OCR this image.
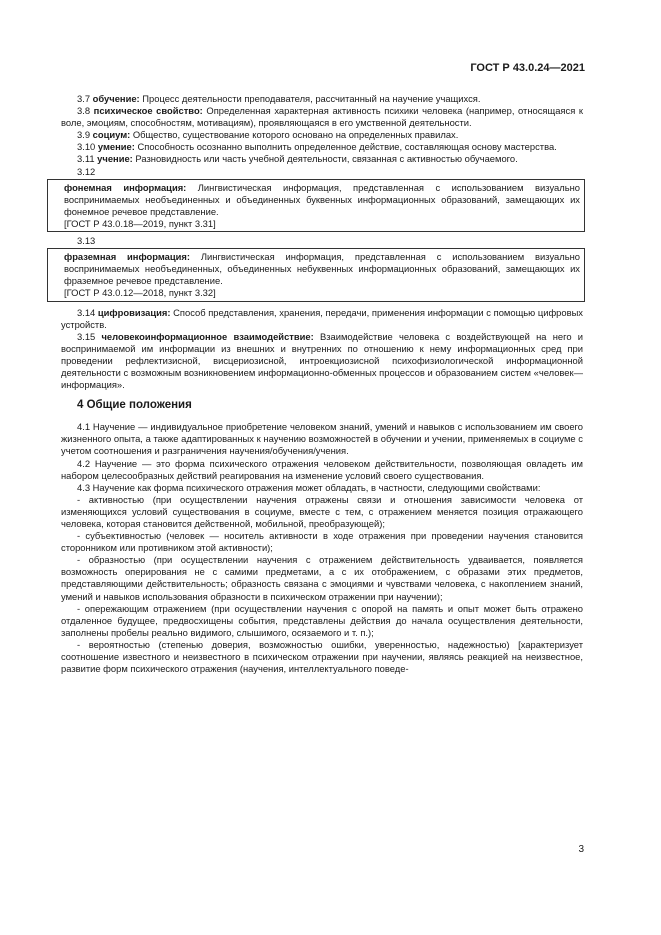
ГОСТ Р 43.0.24—2021

3.7 обучение: Процесс деятельности преподавателя, рассчитанный на научение учащихся.

3.8 психическое свойство: Определенная характерная активность психики человека (например, относящаяся к воле, эмоциям, способностям, мотивациям), проявляющаяся в его умственной деятельности.

3.9 социум: Общество, существование которого основано на определенных правилах.

3.10 умение: Способность осознанно выполнить определенное действие, составляющая основу мастерства.

3.11 учение: Разновидность или часть учебной деятельности, связанная с активностью обучаемого.

3.12

фонемная информация: Лингвистическая информация, представленная с использованием визуально воспринимаемых необъединенных и объединенных буквенных информационных образований, замещающих их фонемное речевое представление.

[ГОСТ Р 43.0.18—2019, пункт 3.31]

3.13

фраземная информация: Лингвистическая информация, представленная с использованием визуально воспринимаемых необъединенных, объединенных небуквенных информационных образований, замещающих их фраземное речевое представление.

[ГОСТ Р 43.0.12—2018, пункт 3.32]

3.14 цифровизация: Способ представления, хранения, передачи, применения информации с помощью цифровых устройств.

3.15 человекоинформационное взаимодействие: Взаимодействие человека с воздействующей на него и воспринимаемой им информации из внешних и внутренних по отношению к нему информационных сред при проведении рефлектизисной, висцериозисной, интроекциозисной психофизиологической информационной деятельности с возможным возникновением информационно-обменных процессов и образованием систем «человек—информация».

4 Общие положения

4.1 Научение — индивидуальное приобретение человеком знаний, умений и навыков с использованием им своего жизненного опыта, а также адаптированных к научению возможностей в обучении и учении, применяемых в социуме с учетом соотношения и разграничения научения/обучения/учения.

4.2 Научение — это форма психического отражения человеком действительности, позволяющая овладеть им набором целесообразных действий реагирования на изменение условий своего существования.

4.3 Научение как форма психического отражения может обладать, в частности, следующими свойствами:

- активностью (при осуществлении научения отражены связи и отношения зависимости человека от изменяющихся условий существования в социуме, вместе с тем, с отражением меняется позиция отражающего человека, которая становится действенной, мобильной, преобразующей);

- субъективностью (человек — носитель активности в ходе отражения при проведении научения становится сторонником или противником этой активности);

- образностью (при осуществлении научения с отражением действительность удваивается, появляется возможность оперирования не с самими предметами, а с их отображением, с образами этих предметов, представляющими действительность; образность связана с эмоциями и чувствами человека, с накоплением знаний, умений и навыков использования образности в психическом отражении при научении);

- опережающим отражением (при осуществлении научения с опорой на память и опыт может быть отражено отдаленное будущее, предвосхищены события, представлены действия до начала осуществления деятельности, заполнены пробелы реально видимого, слышимого, осязаемого и т. п.);

- вероятностью (степенью доверия, возможностью ошибки, уверенностью, надежностью) [характеризует соотношение известного и неизвестного в психическом отражении при научении, являясь реакцией на неизвестное, развитие форм психического отражения (научения, интеллектуального поведе-

3
